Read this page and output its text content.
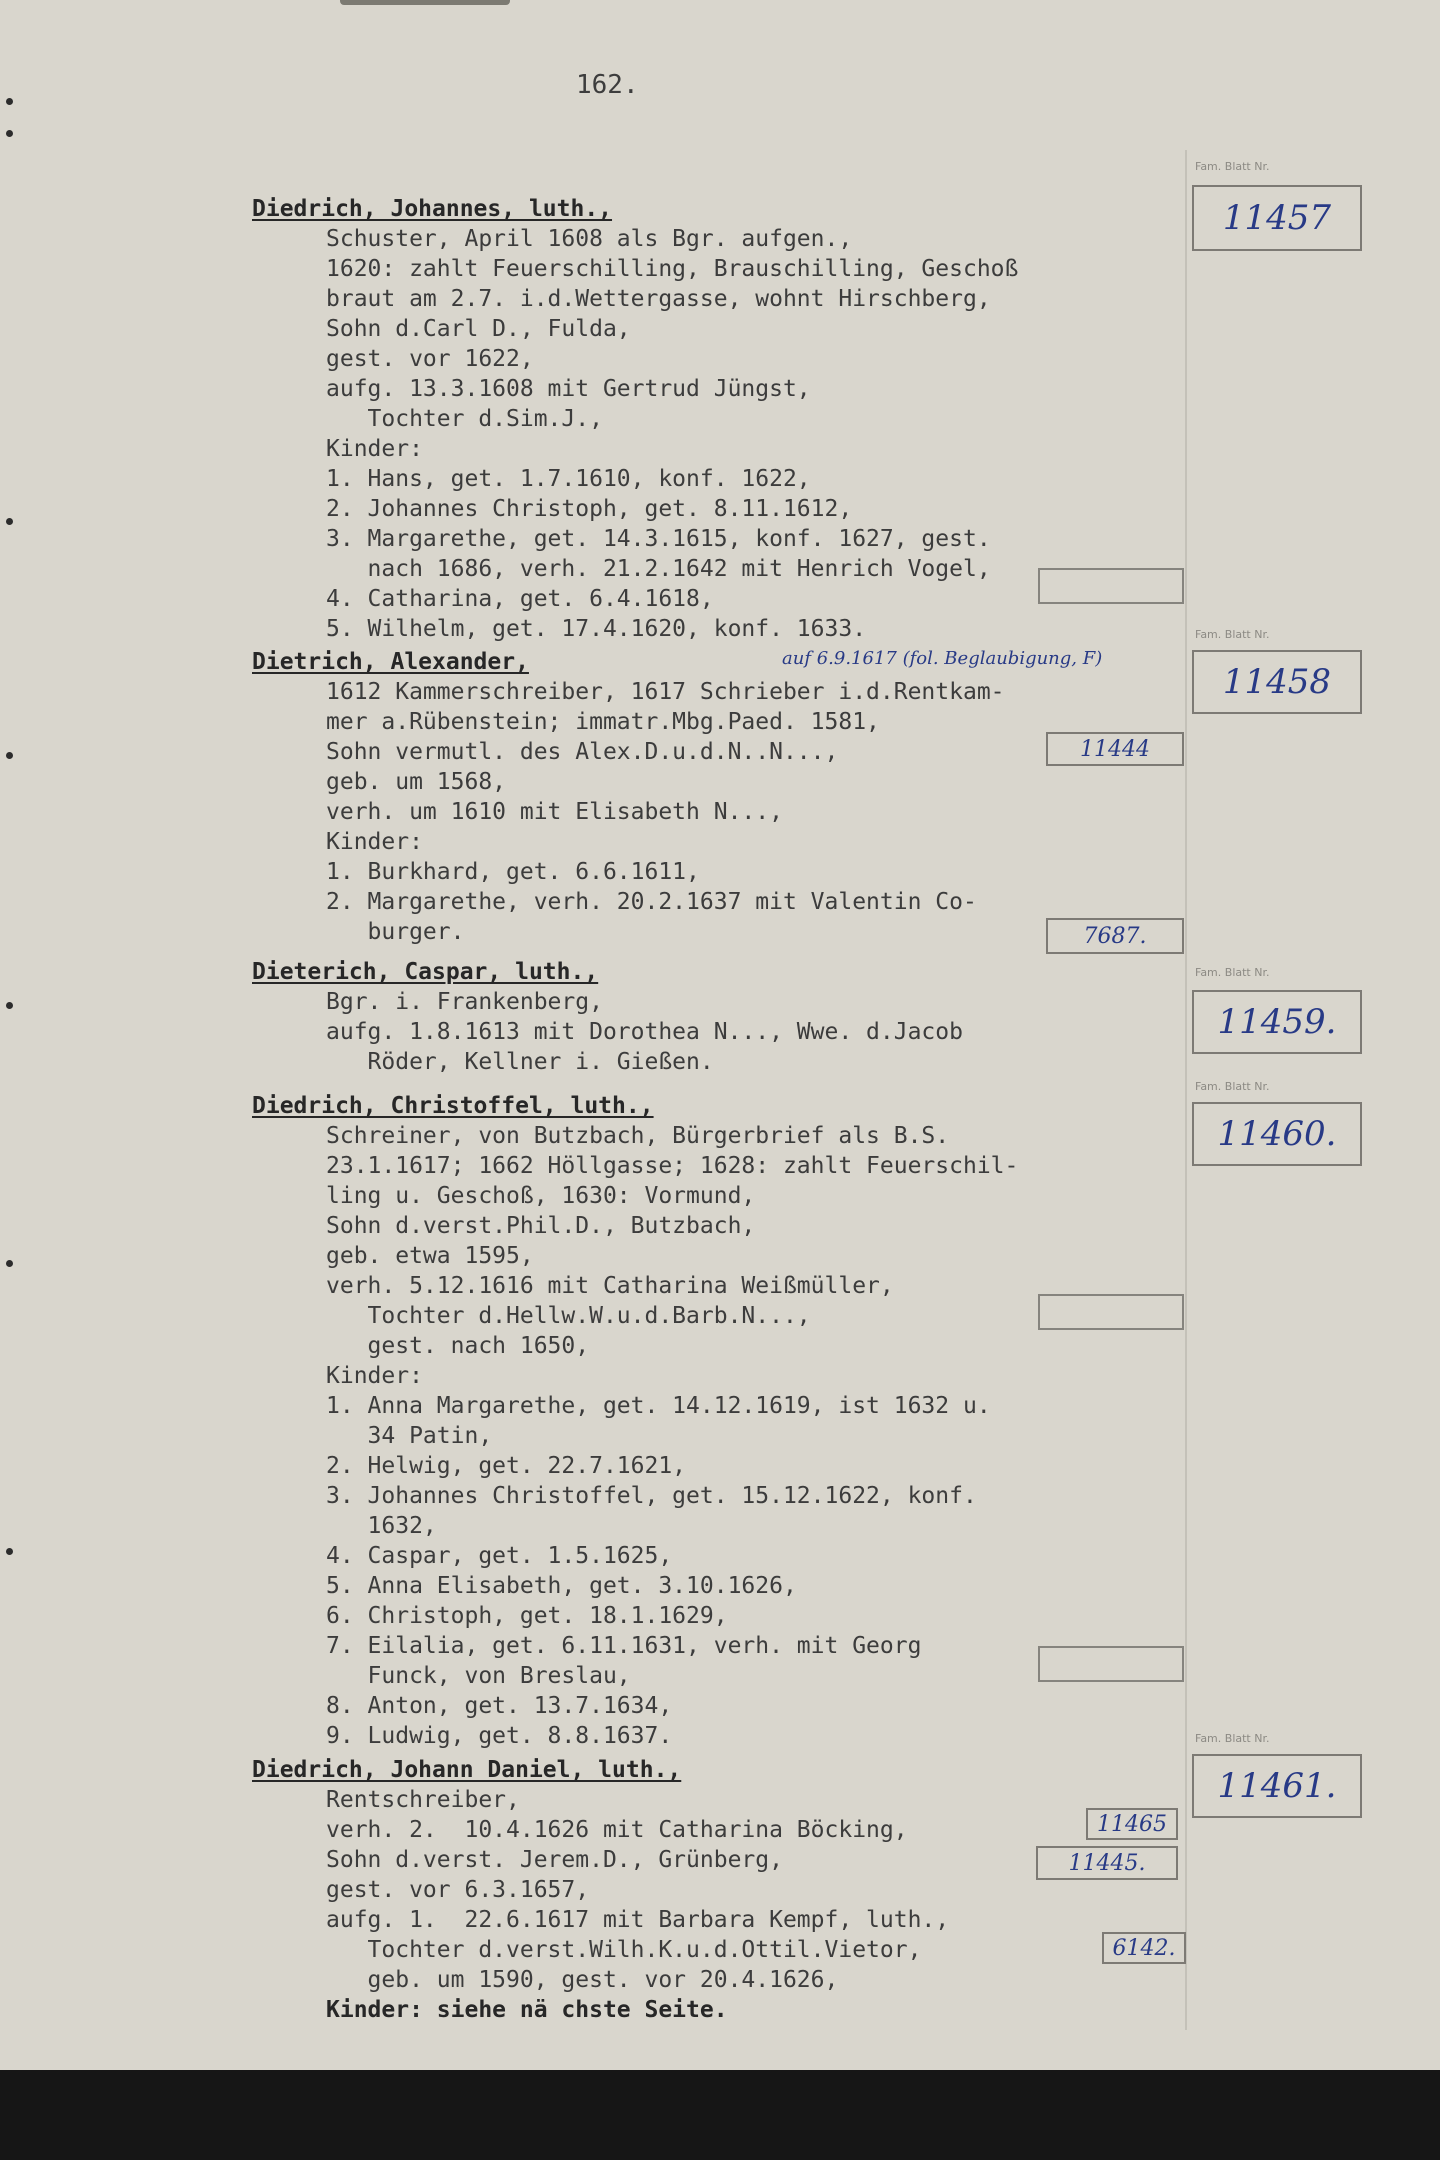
162.
Diedrich, Johannes, luth.,
Schuster, April 1608 als Bgr. aufgen.,
1620: zahlt Feuerschilling, Brauschilling, Geschoß
braut am 2.7. i.d.Wettergasse, wohnt Hirschberg,
Sohn d.Carl D., Fulda,
gest. vor 1622,
aufg. 13.3.1608 mit Gertrud Jüngst,
Tochter d.Sim.J.,
Kinder:
1. Hans, get. 1.7.1610, konf. 1622,
2. Johannes Christoph, get. 8.11.1612,
3. Margarethe, get. 14.3.1615, konf. 1627, gest.
nach 1686, verh. 21.2.1642 mit Henrich Vogel,
4. Catharina, get. 6.4.1618,
5. Wilhelm, get. 17.4.1620, konf. 1633.
Fam. Blatt Nr.
11457
Dietrich, Alexander,	auf 6.9.1617 (fol. Beglaubigung, F)
1612 Kammerschreiber, 1617 Schrieber i.d.Rentkam-
mer a.Rübenstein; immatr.Mbg.Paed. 1581,
Sohn vermutl. des Alex.D.u.d.N..N...,
geb. um 1568,
verh. um 1610 mit Elisabeth N...,
Kinder:
1. Burkhard, get. 6.6.1611,
2. Margarethe, verh. 20.2.1637 mit Valentin Co-
burger.
Fam. Blatt Nr.
11458
11444
7687.
Dieterich, Caspar, luth.,
Bgr. i. Frankenberg,
aufg. 1.8.1613 mit Dorothea N..., Wwe. d.Jacob
Röder, Kellner i. Gießen.
Fam. Blatt Nr.
11459.
Diedrich, Christoffel, luth.,
Schreiner, von Butzbach, Bürgerbrief als B.S.
23.1.1617; 1662 Höllgasse; 1628: zahlt Feuerschil-
ling u. Geschoß, 1630: Vormund,
Sohn d.verst.Phil.D., Butzbach,
geb. etwa 1595,
verh. 5.12.1616 mit Catharina Weißmüller,
Tochter d.Hellw.W.u.d.Barb.N...,
gest. nach 1650,
Kinder:
1. Anna Margarethe, get. 14.12.1619, ist 1632 u.
34 Patin,
2. Helwig, get. 22.7.1621,
3. Johannes Christoffel, get. 15.12.1622, konf.
1632,
4. Caspar, get. 1.5.1625,
5. Anna Elisabeth, get. 3.10.1626,
6. Christoph, get. 18.1.1629,
7. Eilalia, get. 6.11.1631, verh. mit Georg
Funck, von Breslau,
8. Anton, get. 13.7.1634,
9. Ludwig, get. 8.8.1637.
Fam. Blatt Nr.
11460.
Diedrich, Johann Daniel, luth.,
Rentschreiber,
verh. 2.  10.4.1626 mit Catharina Böcking,
Sohn d.verst. Jerem.D., Grünberg,
gest. vor 6.3.1657,
aufg. 1.  22.6.1617 mit Barbara Kempf, luth.,
Tochter d.verst.Wilh.K.u.d.Ottil.Vietor,
geb. um 1590, gest. vor 20.4.1626,
Kinder: siehe nä chste Seite.
Fam. Blatt Nr.
11461.
11465
11445.
6142.
